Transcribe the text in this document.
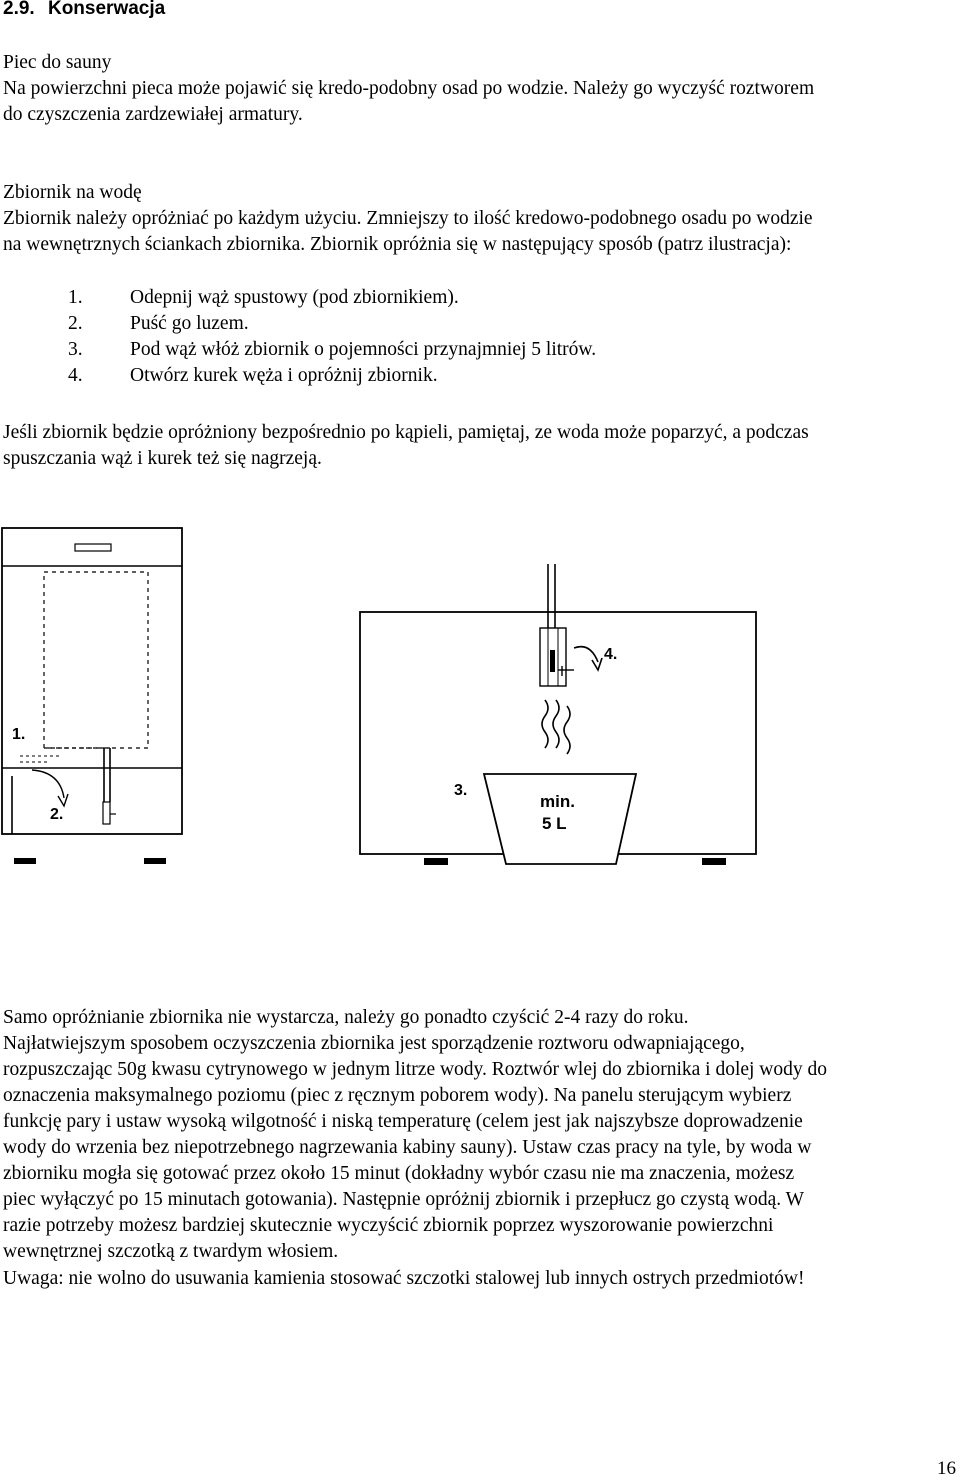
2.9. Konserwacja
Piec do sauny
Na powierzchni pieca może pojawić się kredo-podobny osad po wodzie. Należy go wyczyść roztworem
do czyszczenia zardzewiałej armatury.
Zbiornik na wodę
Zbiornik należy opróżniać po każdym użyciu. Zmniejszy to ilość kredowo-podobnego osadu po wodzie
na wewnętrznych ściankach zbiornika. Zbiornik opróżnia się w następujący sposób (patrz ilustracja):
1. Odepnij wąż spustowy (pod zbiornikiem).
2. Puść go luzem.
3. Pod wąż włóż zbiornik o pojemności przynajmniej 5 litrów.
4. Otwórz kurek węża i opróżnij zbiornik.
Jeśli zbiornik będzie opróżniony bezpośrednio po kąpieli, pamiętaj, ze woda może poparzyć, a podczas
spuszczania wąż i kurek też się nagrzeją.
1.
2.
3.
4.
min.
5 L
Samo opróżnianie zbiornika nie wystarcza, należy go ponadto czyścić 2-4 razy do roku.
Najłatwiejszym sposobem oczyszczenia zbiornika jest sporządzenie roztworu odwapniającego,
rozpuszczając 50g kwasu cytrynowego w jednym litrze wody. Roztwór wlej do zbiornika i dolej wody do
oznaczenia maksymalnego poziomu (piec z ręcznym poborem wody). Na panelu sterującym wybierz
funkcję pary i ustaw wysoką wilgotność i niską temperaturę (celem jest jak najszybsze doprowadzenie
wody do wrzenia bez niepotrzebnego nagrzewania kabiny sauny). Ustaw czas pracy na tyle, by woda w
zbiorniku mogła się gotować przez około 15 minut (dokładny wybór czasu nie ma znaczenia, możesz
piec wyłączyć po 15 minutach gotowania). Następnie opróżnij zbiornik i przepłucz go czystą wodą. W
razie potrzeby możesz bardziej skutecznie wyczyścić zbiornik poprzez wyszorowanie powierzchni
wewnętrznej szczotką z twardym włosiem.
Uwaga: nie wolno do usuwania kamienia stosować szczotki stalowej lub innych ostrych przedmiotów!
16
